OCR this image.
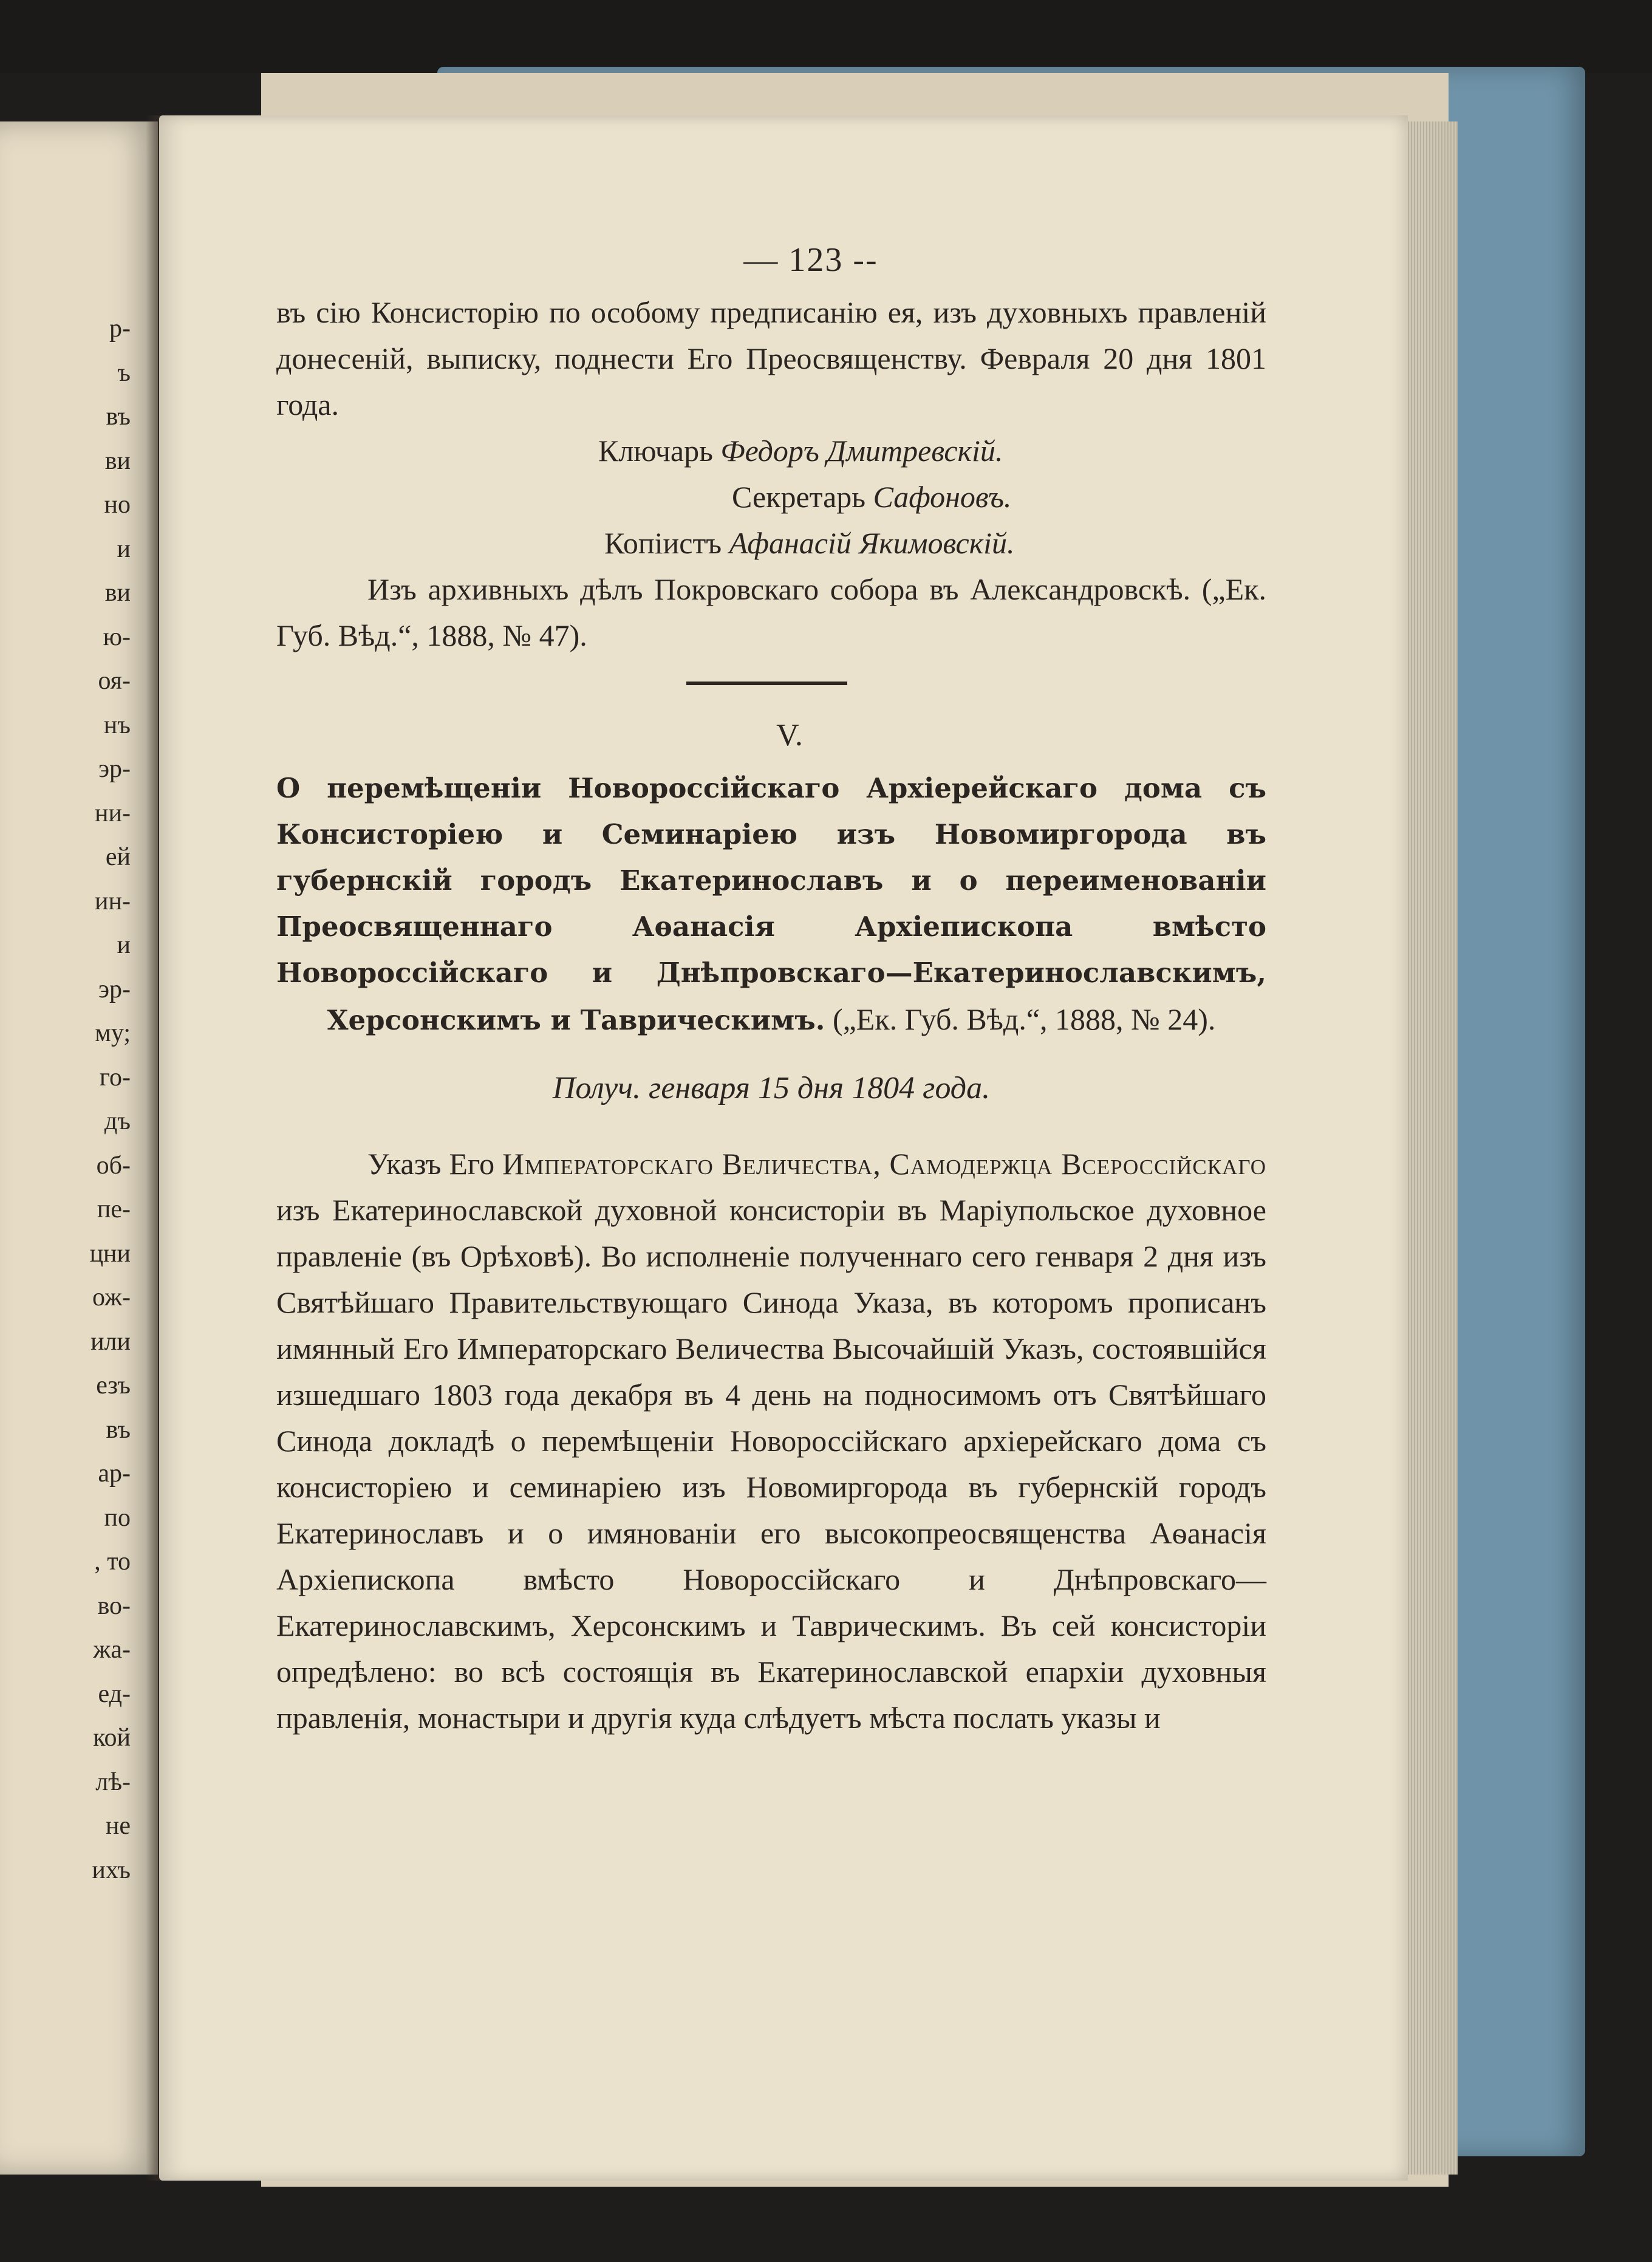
р-
ъ
въ
ви
но
и
ви
ю-
оя-
нъ
эр-
ни-
ей
ин-
и
эр-
му;
го-
дъ
об-
пе-
цни
ож-
или
езъ
въ
ар-
по
, то
во-
жа-
ед-
кой
лѣ-
не
ихъ
— 123 --

въ сію Консисторію по особому предписанію ея, изъ духовныхъ правленій донесеній, выписку, поднести Его Преосвященству. Февраля 20 дня 1801 года.

Ключарь Федоръ Дмитревскій.

Секретарь Сафоновъ.

Копіистъ Афанасій Якимовскій.

Изъ архивныхъ дѣлъ Покровскаго собора въ Александровскѣ. („Ек. Губ. Вѣд.“, 1888, № 47).

V.

О перемѣщеніи Новороссійскаго Архіерейскаго дома съ Консисторіею и Семинаріею изъ Новомиргорода въ губернскій городъ Екатеринославъ и о переименованіи Преосвященнаго Аѳанасія Архіепископа вмѣсто Новороссійскаго и Днѣпровскаго—Екатеринославскимъ, Херсонскимъ и Таврическимъ. („Ек. Губ. Вѣд.“, 1888, № 24).

Получ. генваря 15 дня 1804 года.

Указъ Его Императорскаго Величества, Самодержца Всероссійскаго изъ Екатеринославской духовной консисторіи въ Маріупольское духовное правленіе (въ Орѣховѣ). Во исполненіе полученнаго сего генваря 2 дня изъ Святѣйшаго Правительствующаго Синода Указа, въ которомъ прописанъ имянный Его Императорскаго Величества Высочайшій Указъ, состоявшійся изшедшаго 1803 года декабря въ 4 день на подносимомъ отъ Святѣйшаго Синода докладѣ о перемѣщеніи Новороссійскаго архіерейскаго дома съ консисторіею и семинаріею изъ Новомиргорода въ губернскій городъ Екатеринославъ и о имянованіи его высокопреосвященства Аѳанасія Архіепископа вмѣсто Новороссійскаго и Днѣпровскаго—Екатеринославскимъ, Херсонскимъ и Таврическимъ. Въ сей консисторіи опредѣлено: во всѣ состоящія въ Екатеринославской епархіи духовныя правленія, монастыри и другія куда слѣдуетъ мѣста послать указы и
